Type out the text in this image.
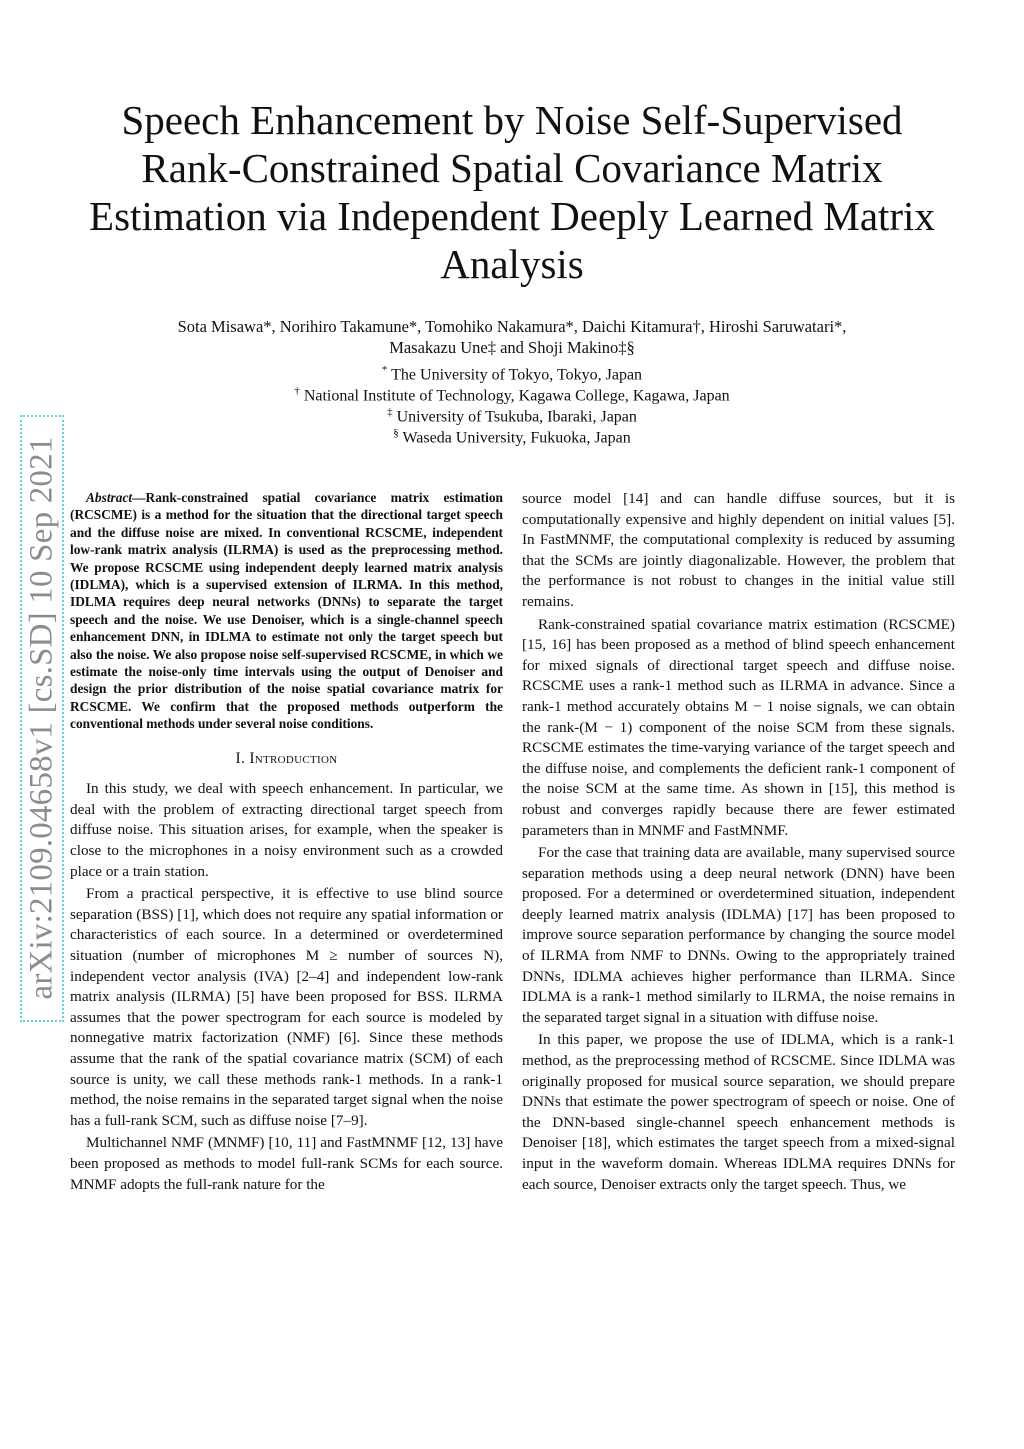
Speech Enhancement by Noise Self-Supervised
Rank-Constrained Spatial Covariance Matrix
Estimation via Independent Deeply Learned Matrix
Analysis
Sota Misawa*, Norihiro Takamune*, Tomohiko Nakamura*, Daichi Kitamura†, Hiroshi Saruwatari*,
Masakazu Une‡ and Shoji Makino‡§
* The University of Tokyo, Tokyo, Japan
† National Institute of Technology, Kagawa College, Kagawa, Japan
‡ University of Tsukuba, Ibaraki, Japan
§ Waseda University, Fukuoka, Japan
arXiv:2109.04658v1 [cs.SD] 10 Sep 2021	Abstract—Rank-constrained spatial covariance matrix estimation (RCSCME) is a method for the situation that the directional target speech and the diffuse noise are mixed. In conventional RCSCME, independent low-rank matrix analysis (ILRMA) is used as the preprocessing method. We propose RCSCME using independent deeply learned matrix analysis (IDLMA), which is a supervised extension of ILRMA. In this method, IDLMA requires deep neural networks (DNNs) to separate the target speech and the noise. We use Denoiser, which is a single-channel speech enhancement DNN, in IDLMA to estimate not only the target speech but also the noise. We also propose noise self-supervised RCSCME, in which we estimate the noise-only time intervals using the output of Denoiser and design the prior distribution of the noise spatial covariance matrix for RCSCME. We confirm that the proposed methods outperform the conventional methods under several noise conditions.

I. Introduction

In this study, we deal with speech enhancement. In particular, we deal with the problem of extracting directional target speech from diffuse noise. This situation arises, for example, when the speaker is close to the microphones in a noisy environment such as a crowded place or a train station.

From a practical perspective, it is effective to use blind source separation (BSS) [1], which does not require any spatial information or characteristics of each source. In a determined or overdetermined situation (number of microphones M ≥ number of sources N), independent vector analysis (IVA) [2–4] and independent low-rank matrix analysis (ILRMA) [5] have been proposed for BSS. ILRMA assumes that the power spectrogram for each source is modeled by nonnegative matrix factorization (NMF) [6]. Since these methods assume that the rank of the spatial covariance matrix (SCM) of each source is unity, we call these methods rank-1 methods. In a rank-1 method, the noise remains in the separated target signal when the noise has a full-rank SCM, such as diffuse noise [7–9].

Multichannel NMF (MNMF) [10, 11] and FastMNMF [12, 13] have been proposed as methods to model full-rank SCMs for each source. MNMF adopts the full-rank nature for the

source model [14] and can handle diffuse sources, but it is computationally expensive and highly dependent on initial values [5]. In FastMNMF, the computational complexity is reduced by assuming that the SCMs are jointly diagonalizable. However, the problem that the performance is not robust to changes in the initial value still remains.

Rank-constrained spatial covariance matrix estimation (RCSCME) [15, 16] has been proposed as a method of blind speech enhancement for mixed signals of directional target speech and diffuse noise. RCSCME uses a rank-1 method such as ILRMA in advance. Since a rank-1 method accurately obtains M − 1 noise signals, we can obtain the rank-(M − 1) component of the noise SCM from these signals. RCSCME estimates the time-varying variance of the target speech and the diffuse noise, and complements the deficient rank-1 component of the noise SCM at the same time. As shown in [15], this method is robust and converges rapidly because there are fewer estimated parameters than in MNMF and FastMNMF.

For the case that training data are available, many supervised source separation methods using a deep neural network (DNN) have been proposed. For a determined or overdetermined situation, independent deeply learned matrix analysis (IDLMA) [17] has been proposed to improve source separation performance by changing the source model of ILRMA from NMF to DNNs. Owing to the appropriately trained DNNs, IDLMA achieves higher performance than ILRMA. Since IDLMA is a rank-1 method similarly to ILRMA, the noise remains in the separated target signal in a situation with diffuse noise.

In this paper, we propose the use of IDLMA, which is a rank-1 method, as the preprocessing method of RCSCME. Since IDLMA was originally proposed for musical source separation, we should prepare DNNs that estimate the power spectrogram of speech or noise. One of the DNN-based single-channel speech enhancement methods is Denoiser [18], which estimates the target speech from a mixed-signal input in the waveform domain. Whereas IDLMA requires DNNs for each source, Denoiser extracts only the target speech. Thus, we
